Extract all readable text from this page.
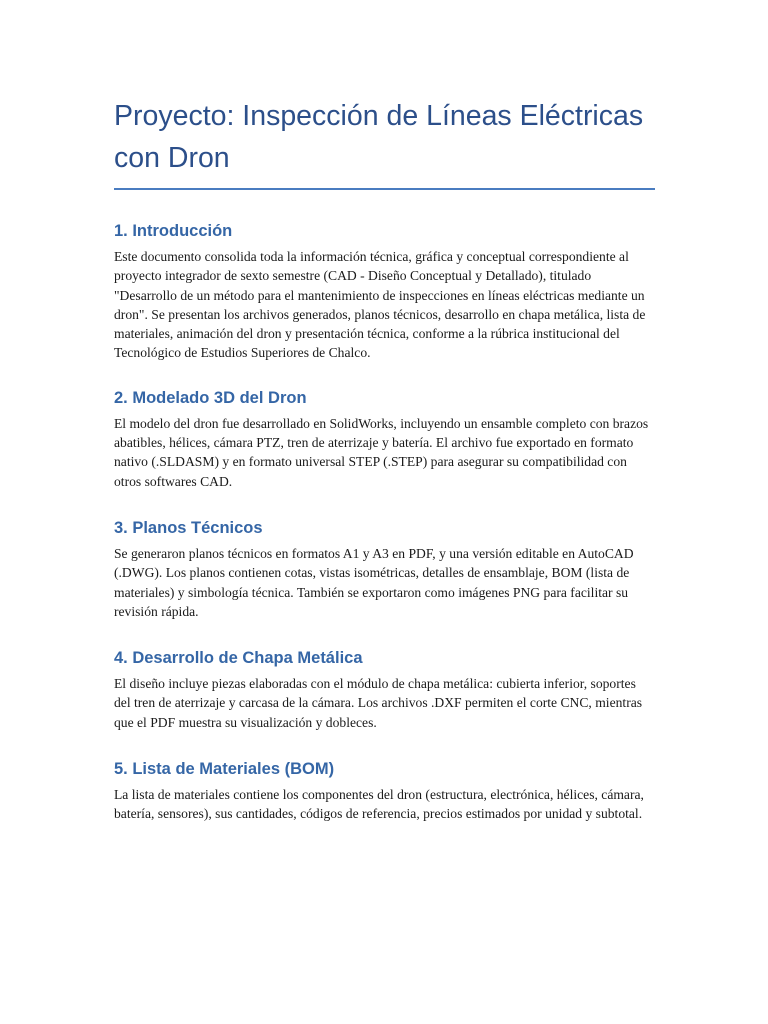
Proyecto: Inspección de Líneas Eléctricas con Dron
1. Introducción

Este documento consolida toda la información técnica, gráfica y conceptual correspondiente al proyecto integrador de sexto semestre (CAD - Diseño Conceptual y Detallado), titulado "Desarrollo de un método para el mantenimiento de inspecciones en líneas eléctricas mediante un dron". Se presentan los archivos generados, planos técnicos, desarrollo en chapa metálica, lista de materiales, animación del dron y presentación técnica, conforme a la rúbrica institucional del Tecnológico de Estudios Superiores de Chalco.

2. Modelado 3D del Dron

El modelo del dron fue desarrollado en SolidWorks, incluyendo un ensamble completo con brazos abatibles, hélices, cámara PTZ, tren de aterrizaje y batería. El archivo fue exportado en formato nativo (.SLDASM) y en formato universal STEP (.STEP) para asegurar su compatibilidad con otros softwares CAD.

3. Planos Técnicos

Se generaron planos técnicos en formatos A1 y A3 en PDF, y una versión editable en AutoCAD (.DWG). Los planos contienen cotas, vistas isométricas, detalles de ensamblaje, BOM (lista de materiales) y simbología técnica. También se exportaron como imágenes PNG para facilitar su revisión rápida.

4. Desarrollo de Chapa Metálica

El diseño incluye piezas elaboradas con el módulo de chapa metálica: cubierta inferior, soportes del tren de aterrizaje y carcasa de la cámara. Los archivos .DXF permiten el corte CNC, mientras que el PDF muestra su visualización y dobleces.

5. Lista de Materiales (BOM)

La lista de materiales contiene los componentes del dron (estructura, electrónica, hélices, cámara, batería, sensores), sus cantidades, códigos de referencia, precios estimados por unidad y subtotal.
